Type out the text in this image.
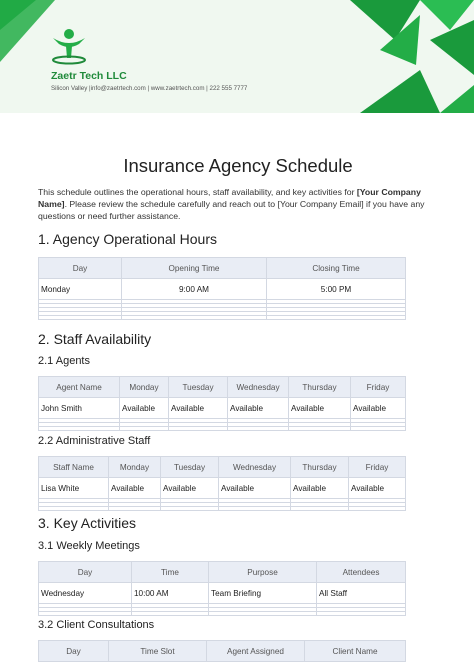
Zaetr Tech LLC
Silicon Valley |info@zaetrtech.com | www.zaetrtech.com | 222 555 7777
Insurance Agency Schedule
This schedule outlines the operational hours, staff availability, and key activities for [Your Company Name]. Please review the schedule carefully and reach out to [Your Company Email] if you have any questions or need further assistance.
1. Agency Operational Hours
Day	Opening Time	Closing Time
Monday	9:00 AM	5:00 PM

2. Staff Availability
2.1 Agents
Agent Name	Monday	Tuesday	Wednesday	Thursday	Friday
John Smith	Available	Available	Available	Available	Available

2.2 Administrative Staff
Staff Name	Monday	Tuesday	Wednesday	Thursday	Friday
Lisa White	Available	Available	Available	Available	Available

3. Key Activities
3.1 Weekly Meetings
Day	Time	Purpose	Attendees
Wednesday	10:00 AM	Team Briefing	All Staff

3.2 Client Consultations
Day	Time Slot	Agent Assigned	Client Name
